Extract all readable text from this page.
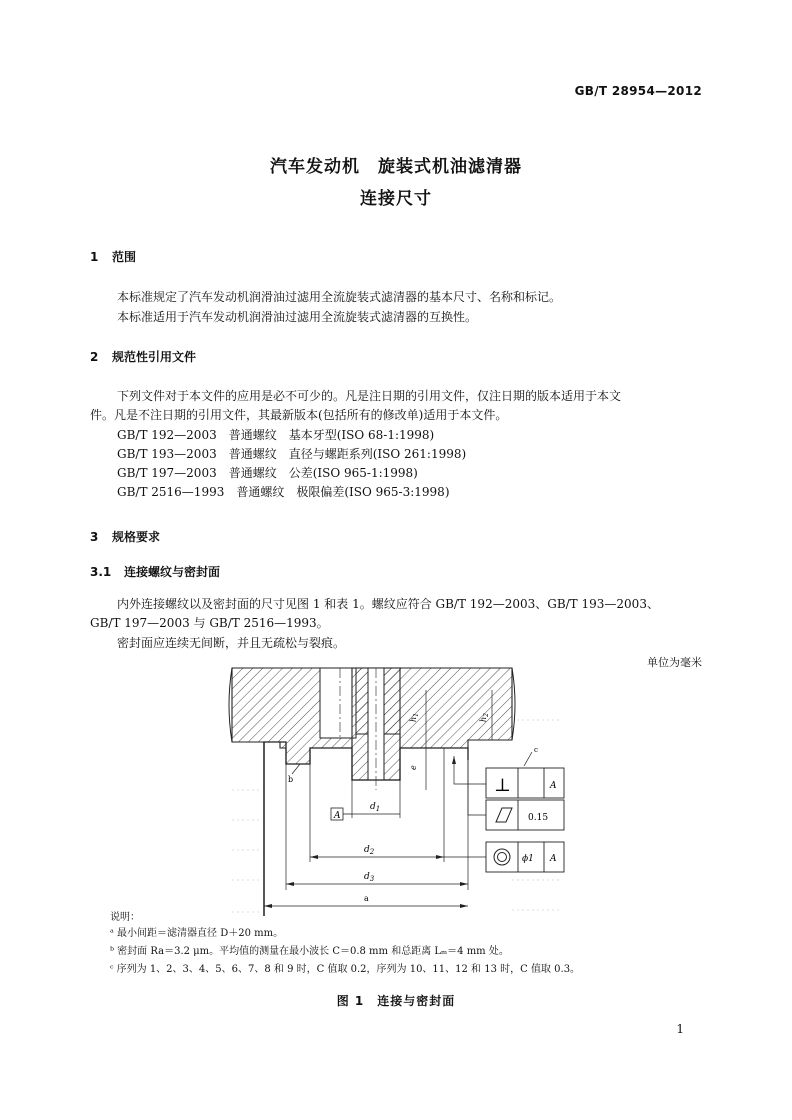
GB/T 28954—2012
汽车发动机　旋装式机油滤清器
连接尺寸
1 范围
本标准规定了汽车发动机润滑油过滤用全流旋装式滤清器的基本尺寸、名称和标记。
本标准适用于汽车发动机润滑油过滤用全流旋装式滤清器的互换性。
2 规范性引用文件
下列文件对于本文件的应用是必不可少的。凡是注日期的引用文件，仅注日期的版本适用于本文
件。凡是不注日期的引用文件，其最新版本(包括所有的修改单)适用于本文件。
GB/T 192—2003　普通螺纹　基本牙型(ISO 68-1:1998)
GB/T 193—2003　普通螺纹　直径与螺距系列(ISO 261:1998)
GB/T 197—2003　普通螺纹　公差(ISO 965-1:1998)
GB/T 2516—1993　普通螺纹　极限偏差(ISO 965-3:1998)
3 规格要求
3.1 连接螺纹与密封面
内外连接螺纹以及密封面的尺寸见图 1 和表 1。螺纹应符合 GB/T 192—2003、GB/T 193—2003、
GB/T 197—2003 与 GB/T 2516—1993。
密封面应连续无间断，并且无疏松与裂痕。
单位为毫米
$d_1$
A
$d_2$
$d_3$
a
$h_1$
$h_2$
e
b	⊥	A
0.15
ϕ1 A
c
说明：
ᵃ 最小间距＝滤清器直径 D＋20 mm。
ᵇ 密封面 Ra＝3.2 μm。平均值的测量在最小波长 C＝0.8 mm 和总距离 Lₘ＝4 mm 处。
ᶜ 序列为 1、2、3、4、5、6、7、8 和 9 时，C 值取 0.2，序列为 10、11、12 和 13 时，C 值取 0.3。
图 1　连接与密封面
1
